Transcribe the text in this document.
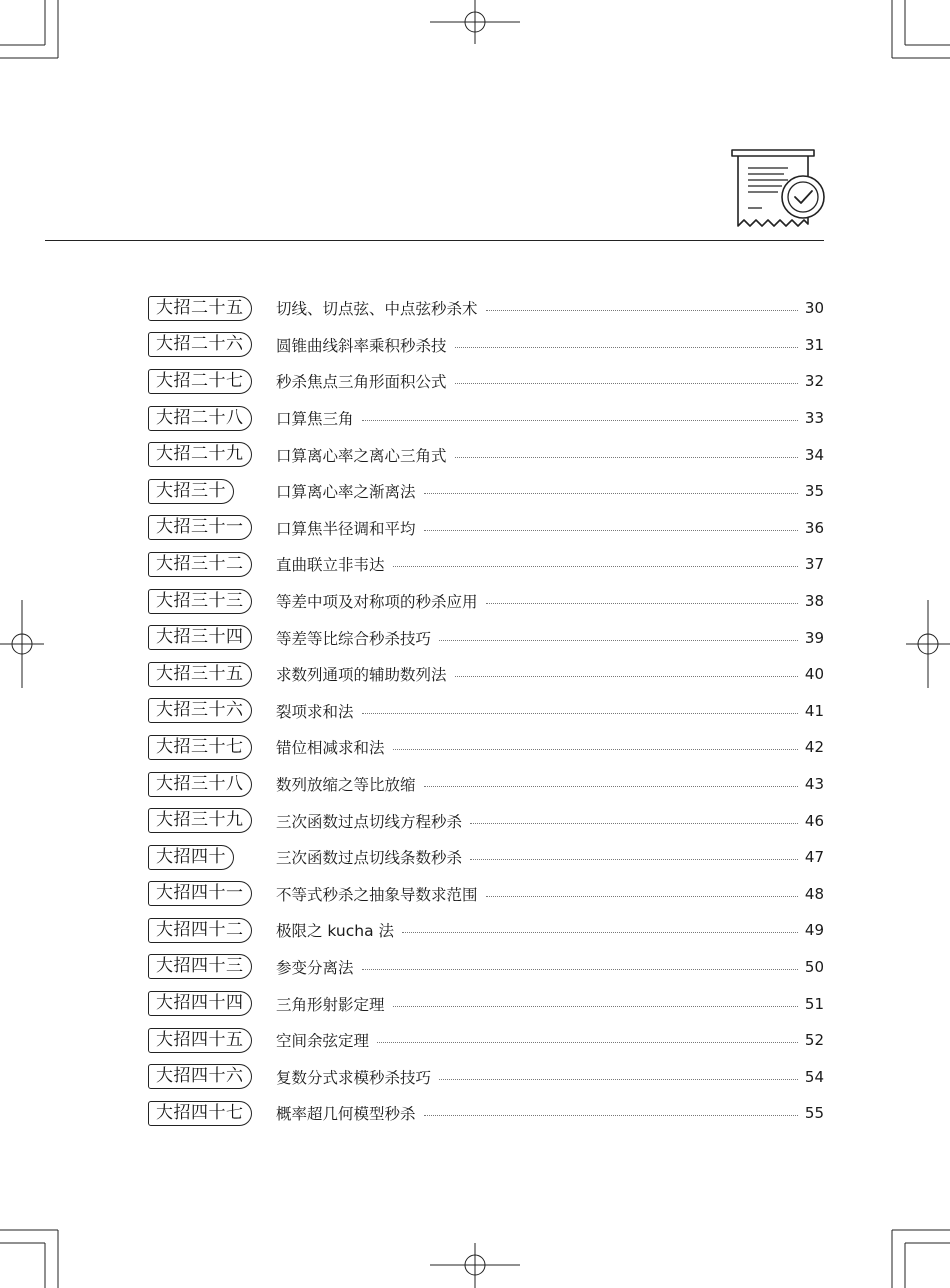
大招二十五	切线、切点弦、中点弦秒杀术	30
大招二十六	圆锥曲线斜率乘积秒杀技	31
大招二十七	秒杀焦点三角形面积公式	32
大招二十八	口算焦三角	33
大招二十九	口算离心率之离心三角式	34
大招三十	口算离心率之渐离法	35
大招三十一	口算焦半径调和平均	36
大招三十二	直曲联立非韦达	37
大招三十三	等差中项及对称项的秒杀应用	38
大招三十四	等差等比综合秒杀技巧	39
大招三十五	求数列通项的辅助数列法	40
大招三十六	裂项求和法	41
大招三十七	错位相减求和法	42
大招三十八	数列放缩之等比放缩	43
大招三十九	三次函数过点切线方程秒杀	46
大招四十	三次函数过点切线条数秒杀	47
大招四十一	不等式秒杀之抽象导数求范围	48
大招四十二	极限之 kucha 法	49
大招四十三	参变分离法	50
大招四十四	三角形射影定理	51
大招四十五	空间余弦定理	52
大招四十六	复数分式求模秒杀技巧	54
大招四十七	概率超几何模型秒杀	55
